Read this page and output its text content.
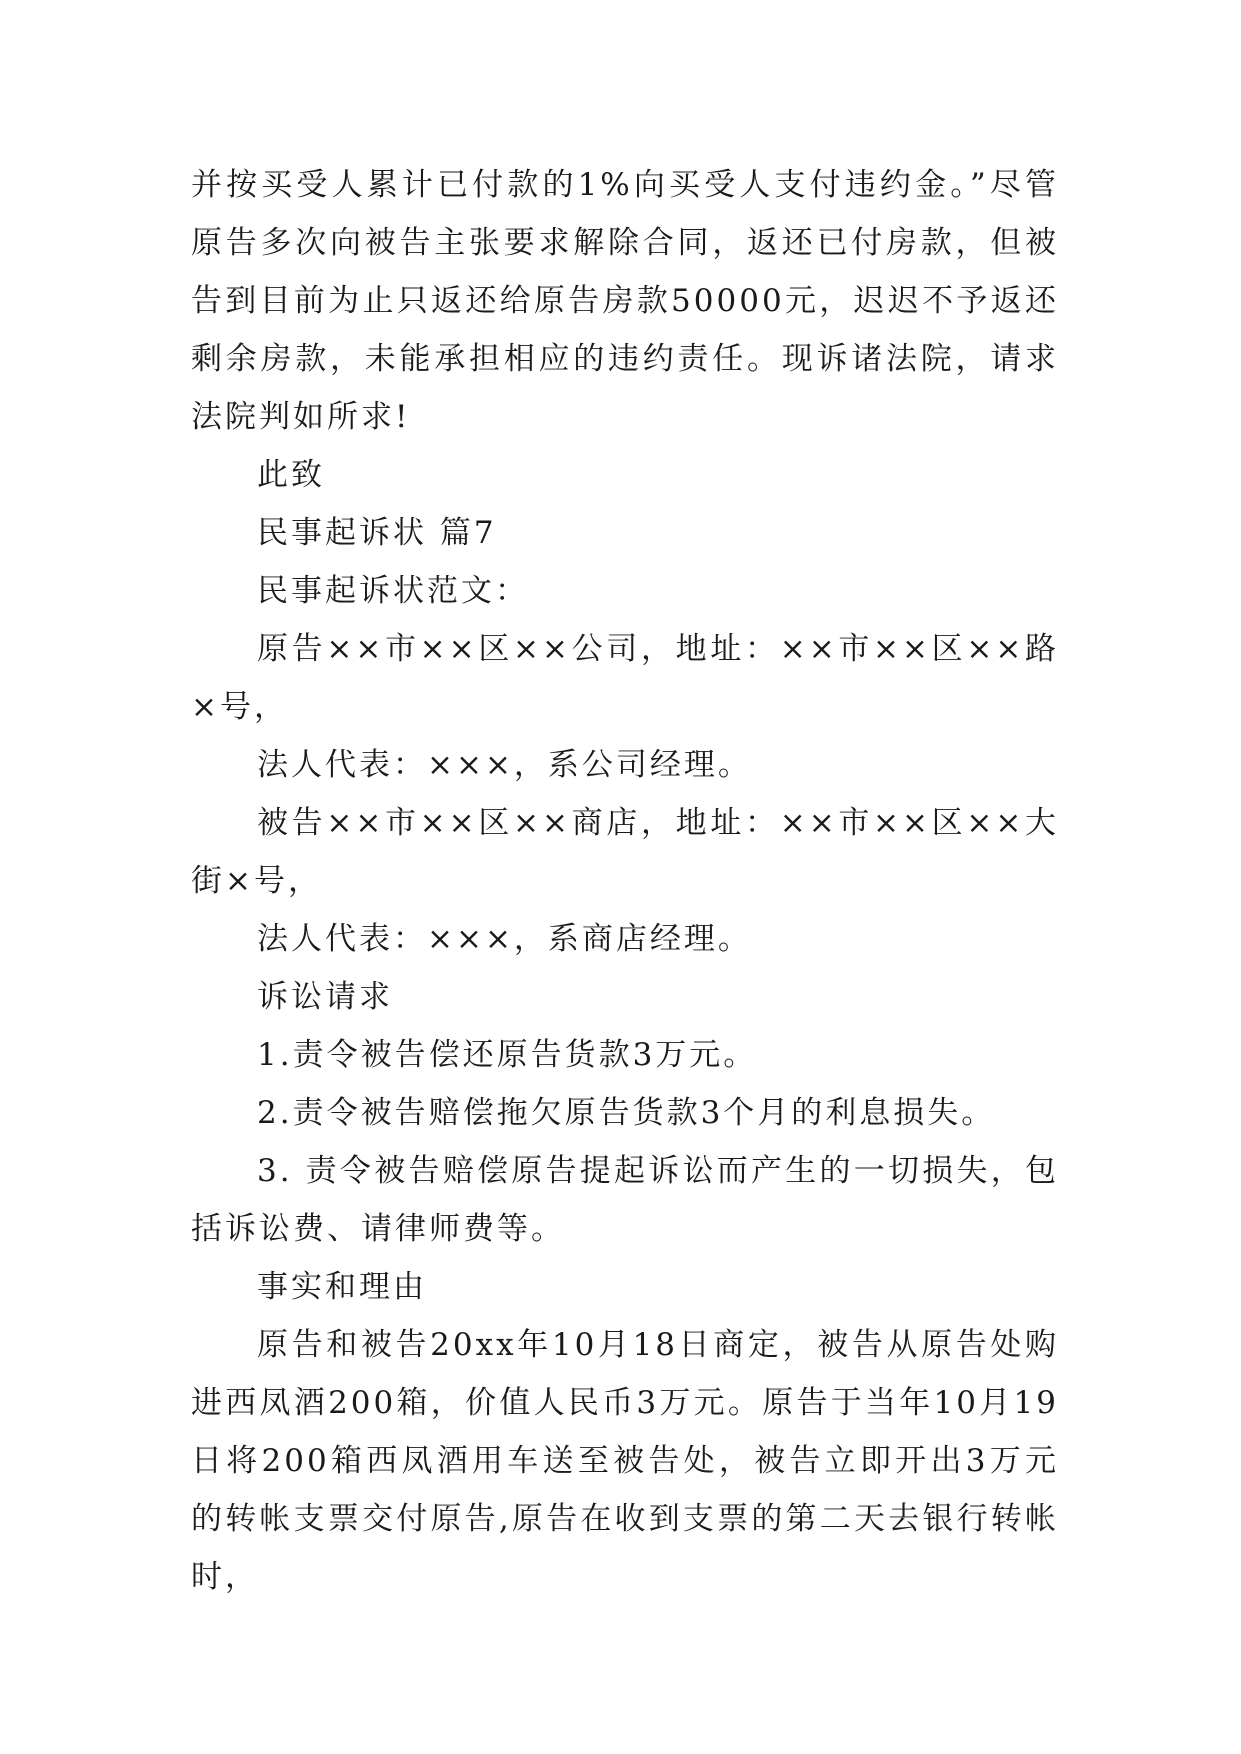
并按买受人累计已付款的1%向买受人支付违约金。”尽管原告多次向被告主张要求解除合同，返还已付房款，但被告到目前为止只返还给原告房款50000元，迟迟不予返还剩余房款，未能承担相应的违约责任。现诉诸法院，请求法院判如所求!

此致

民事起诉状 篇7

民事起诉状范文：

原告××市××区××公司，地址：××市××区××路×号，

法人代表：×××，系公司经理。

被告××市××区××商店，地址：××市××区××大街×号，

法人代表：×××，系商店经理。

诉讼请求

1.责令被告偿还原告货款3万元。

2.责令被告赔偿拖欠原告货款3个月的利息损失。

3. 责令被告赔偿原告提起诉讼而产生的一切损失，包括诉讼费、请律师费等。

事实和理由

原告和被告20xx年10月18日商定，被告从原告处购进西凤酒200箱，价值人民币3万元。原告于当年10月19日将200箱西凤酒用车送至被告处，被告立即开出3万元的转帐支票交付原告,原告在收到支票的第二天去银行转帐时，
